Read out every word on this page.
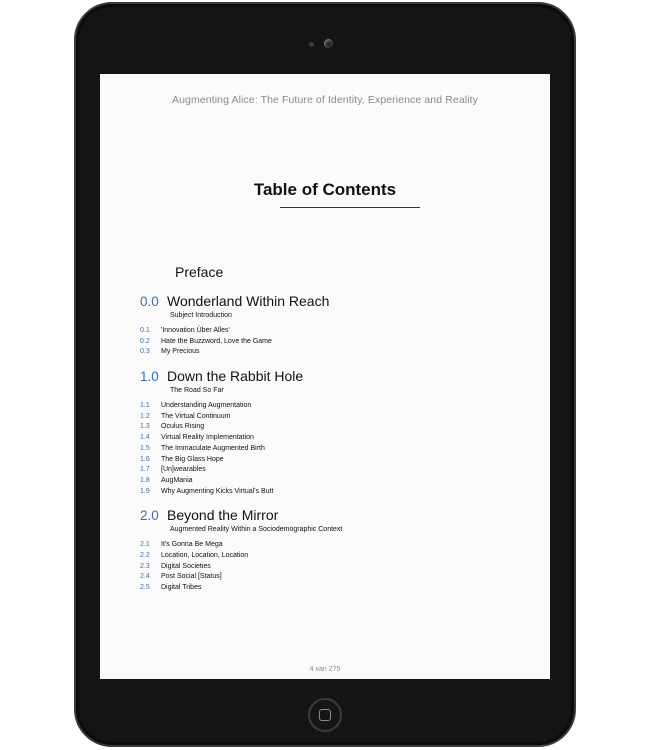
Augmenting Alice: The Future of Identity, Experience and Reality
Table of Contents
Preface
0.0 Wonderland Within Reach
Subject Introduction
0.1	'Innovation Über Alles'
0.2	Hate the Buzzword, Love the Game
0.3	My Precious
1.0 Down the Rabbit Hole
The Road So Far
1.1	Understanding Augmentation
1.2	The Virtual Continuum
1.3	Oculus Rising
1.4	Virtual Reality Implementation
1.5	The Immaculate Augmented Birth
1.6	The Big Glass Hope
1.7	[Un]wearables
1.8	AugMania
1.9	Why Augmenting Kicks Virtual's Butt
2.0 Beyond the Mirror
Augmented Reality Within a Sociodemographic Context
2.1	It's Gonna Be Mega
2.2	Location, Location, Location
2.3	Digital Societies
2.4	Post Social [Status]
2.5	Digital Tribes
4 van 275
